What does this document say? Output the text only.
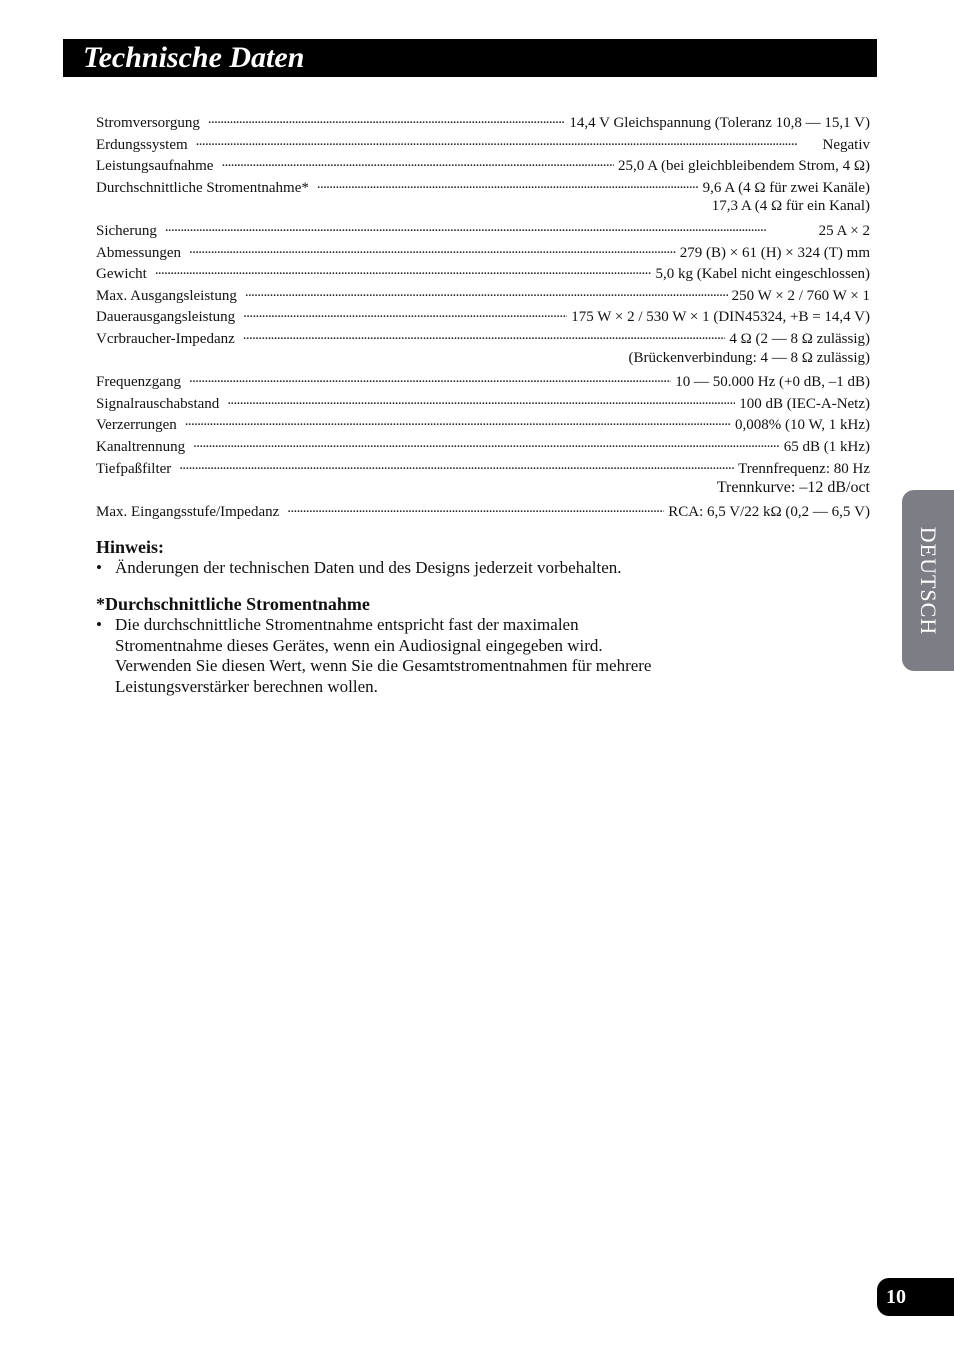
Technische Daten
Stromversorgung . . .	14,4 V Gleichspannung (Toleranz 10,8 — 15,1 V)
Erdungssystem . . .	Negativ
Leistungsaufnahme . . .	25,0 A (bei gleichbleibendem Strom, 4 Ω)
Durchschnittliche Stromentnahme* . . .	9,6 A (4 Ω für zwei Kanäle)
17,3 A (4 Ω für ein Kanal)
Sicherung . . .	25 A × 2
Abmessungen . . .	279 (B) × 61 (H) × 324 (T) mm
Gewicht . . .	5,0 kg (Kabel nicht eingeschlossen)
Max. Ausgangsleistung . . .	250 W × 2 / 760 W × 1
Dauerausgangsleistung . . .	175 W × 2 / 530 W × 1 (DIN45324, +B = 14,4 V)
Vcrbraucher-Impedanz . . .	4 Ω (2 — 8 Ω zulässig)
(Brückenverbindung: 4 — 8 Ω zulässig)
Frequenzgang . . .	10 — 50.000 Hz (+0 dB, –1 dB)
Signalrauschabstand . . .	100 dB (IEC-A-Netz)
Verzerrungen . . .	0,008% (10 W, 1 kHz)
Kanaltrennung . . .	65 dB (1 kHz)
Tiefpaßfilter . . .	Trennfrequenz: 80 Hz
Trennkurve: –12 dB/oct
Max. Eingangsstufe/Impedanz . . .	RCA: 6,5 V/22 kΩ (0,2 — 6,5 V)
Hinweis:

• Änderungen der technischen Daten und des Designs jederzeit vorbehalten.

*Durchschnittliche Stromentnahme

• Die durchschnittliche Stromentnahme entspricht fast der maximalen

Stromentnahme dieses Gerätes, wenn ein Audiosignal eingegeben wird.

Verwenden Sie diesen Wert, wenn Sie die Gesamtstromentnahmen für mehrere

Leistungsverstärker berechnen wollen.

DEUTSCH
10
